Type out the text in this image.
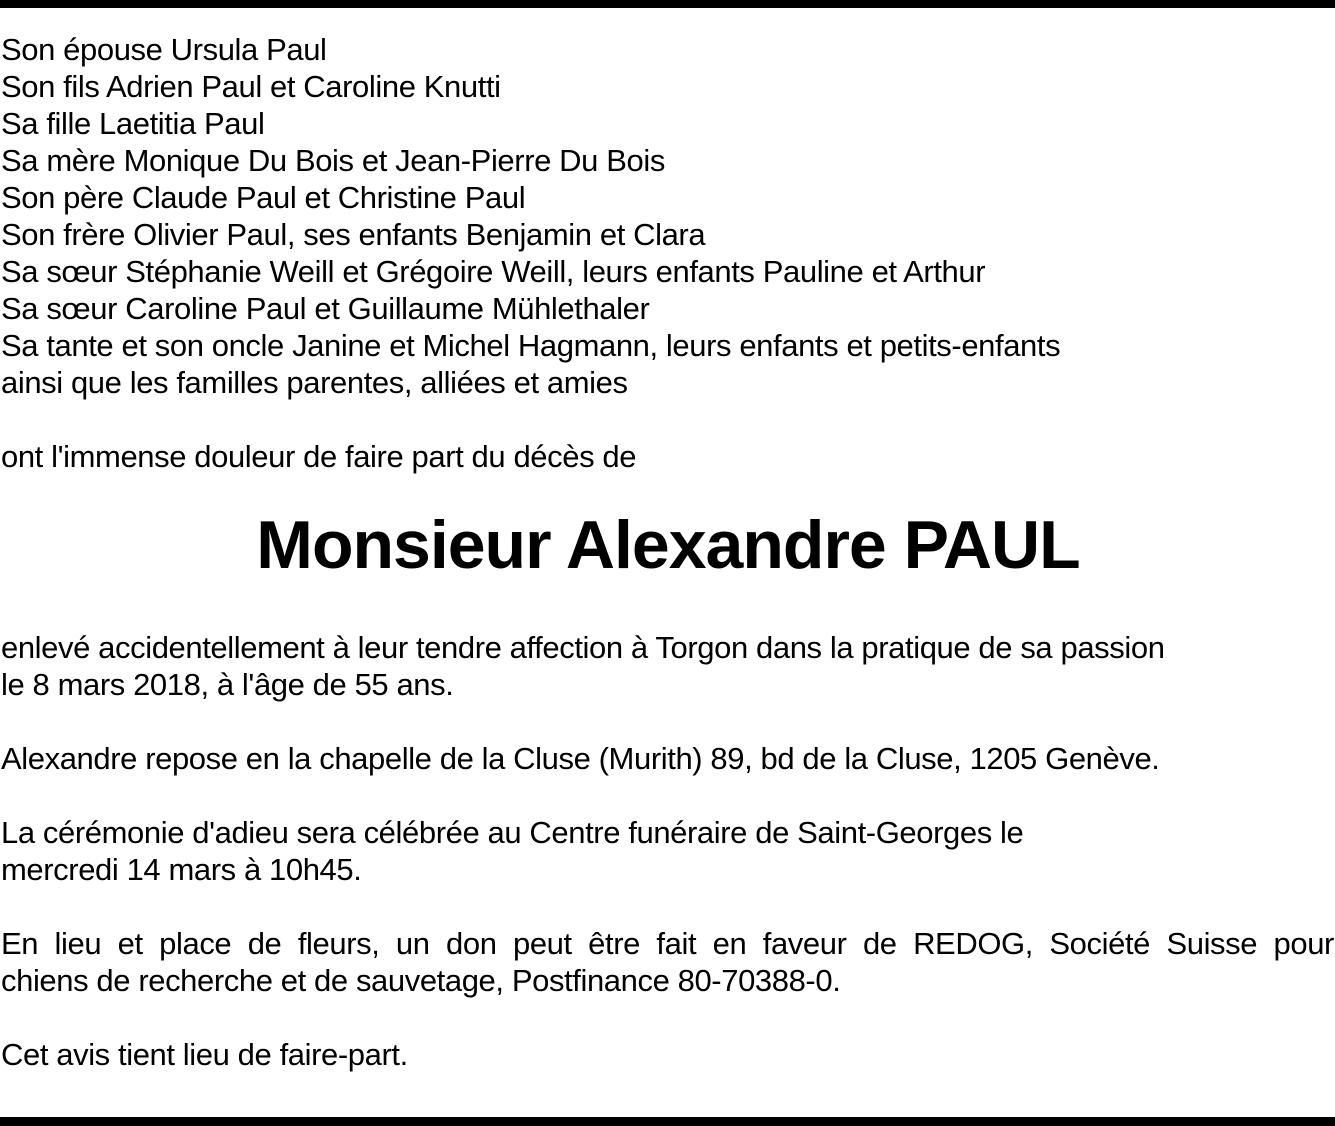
Son épouse Ursula Paul
Son fils Adrien Paul et Caroline Knutti
Sa fille Laetitia Paul
Sa mère Monique Du Bois et Jean-Pierre Du Bois
Son père Claude Paul et Christine Paul
Son frère Olivier Paul, ses enfants Benjamin et Clara
Sa sœur Stéphanie Weill et Grégoire Weill, leurs enfants Pauline et Arthur
Sa sœur Caroline Paul et Guillaume Mühlethaler
Sa tante et son oncle Janine et Michel Hagmann, leurs enfants et petits-enfants
ainsi que les familles parentes, alliées et amies
ont l'immense douleur de faire part du décès de
Monsieur Alexandre PAUL
enlevé accidentellement à leur tendre affection à Torgon dans la pratique de sa passion
le 8 mars 2018, à l'âge de 55 ans.
Alexandre repose en la chapelle de la Cluse (Murith) 89, bd de la Cluse, 1205 Genève.
La cérémonie d'adieu sera célébrée au Centre funéraire de Saint-Georges le
mercredi 14 mars à 10h45.
En lieu et place de fleurs, un don peut être fait en faveur de REDOG, Société Suisse pour
chiens de recherche et de sauvetage, Postfinance 80-70388-0.
Cet avis tient lieu de faire-part.
